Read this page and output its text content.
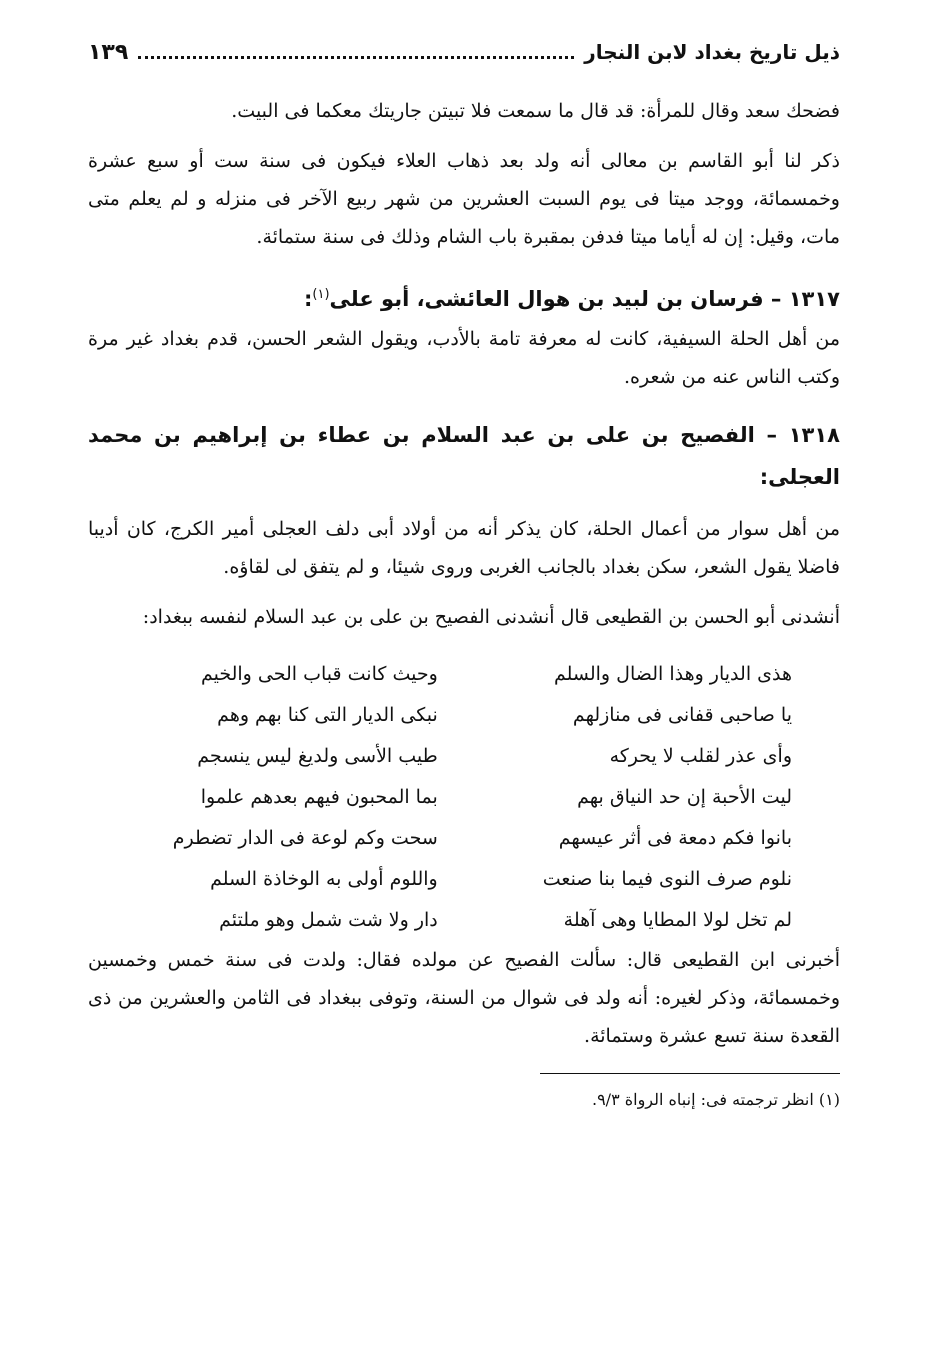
ذيل تاريخ بغداد لابن النجار
١٣٩

فضحك سعد وقال للمرأة: قد قال ما سمعت فلا تبيتن جاريتك معكما فى البيت.

ذكر لنا أبو القاسم بن معالى أنه ولد بعد ذهاب العلاء فيكون فى سنة ست أو سبع عشرة وخمسمائة، ووجد ميتا فى يوم السبت العشرين من شهر ربيع الآخر فى منزله و لم يعلم متى مات، وقيل: إن له أياما ميتا فدفن بمقبرة باب الشام وذلك فى سنة ستمائة.

١٣١٧ – فرسان بن لبيد بن هوال العائشى، أبو على$^{(١)}$:

من أهل الحلة السيفية، كانت له معرفة تامة بالأدب، ويقول الشعر الحسن، قدم بغداد غير مرة وكتب الناس عنه من شعره.

١٣١٨ – الفصيح بن على بن عبد السلام بن عطاء بن إبراهيم بن محمد العجلى:

من أهل سوار من أعمال الحلة، كان يذكر أنه من أولاد أبى دلف العجلى أمير الكرج، كان أديبا فاضلا يقول الشعر، سكن بغداد بالجانب الغربى وروى شيئا، و لم يتفق لى لقاؤه.

أنشدنى أبو الحسن بن القطيعى قال أنشدنى الفصيح بن على بن عبد السلام لنفسه ببغداد:

هذى الديار وهذا الضال والسلم
وحيث كانت قباب الحى والخيم
يا صاحبى قفانى فى منازلهم
نبكى الديار التى كنا بهم وهم
وأى عذر لقلب لا يحركه
طيب الأسى ولديغ ليس ينسجم
ليت الأحبة إن حد النياق بهم
بما المحبون فيهم بعدهم علموا
بانوا فكم دمعة فى أثر عيسهم
سحت وكم لوعة فى الدار تضطرم
نلوم صرف النوى فيما بنا صنعت
واللوم أولى به الوخاذة السلم
لم تخل لولا المطايا وهى آهلة
دار ولا شت شمل وهو ملتئم

أخبرنى ابن القطيعى قال: سألت الفصيح عن مولده فقال: ولدت فى سنة خمس وخمسين وخمسمائة، وذكر لغيره: أنه ولد فى شوال من السنة، وتوفى ببغداد فى الثامن والعشرين من ذى القعدة سنة تسع عشرة وستمائة.

(١) انظر ترجمته فى: إنباه الرواة ٩/٣.
